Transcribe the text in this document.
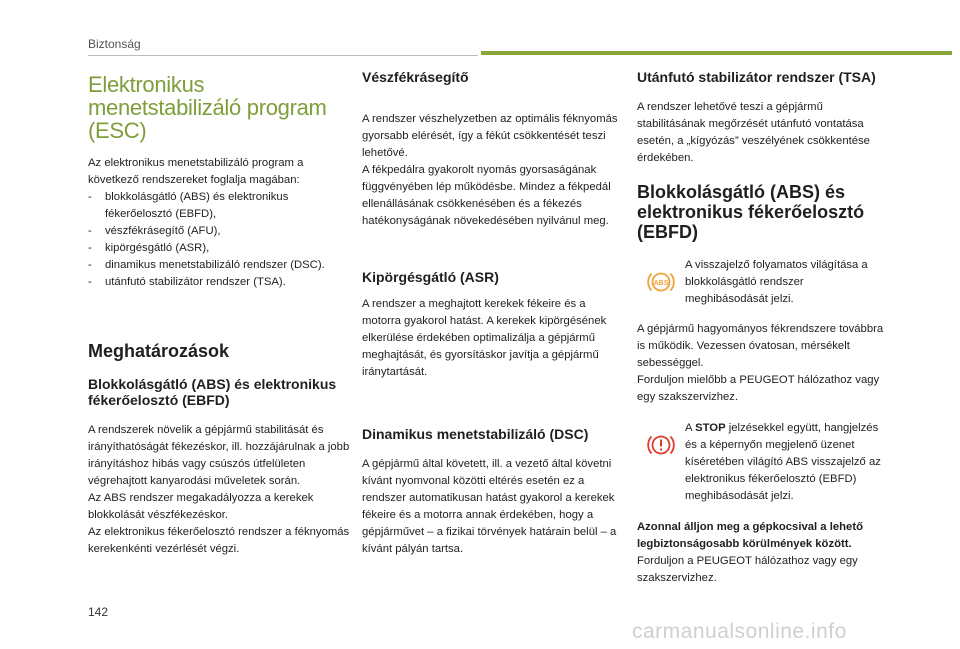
Biztonság
Elektronikus menetstabilizáló program (ESC)

Az elektronikus menetstabilizáló program a következő rendszereket foglalja magában:

- blokkolásgátló (ABS) és elektronikus fékerőelosztó (EBFD),
- vészfékrásegítő (AFU),
- kipörgésgátló (ASR),
- dinamikus menetstabilizáló rendszer (DSC).
- utánfutó stabilizátor rendszer (TSA).
Meghatározások
Blokkolásgátló (ABS) és elektronikus fékerőelosztó (EBFD)

A rendszerek növelik a gépjármű stabilitását és irányíthatóságát fékezéskor, ill. hozzájárulnak a jobb irányításhoz hibás vagy csúszós útfelületen végrehajtott kanyarodási műveletek során.

Az ABS rendszer megakadályozza a kerekek blokkolását vészfékezéskor.

Az elektronikus fékerőelosztó rendszer a féknyomás kerekenkénti vezérlését végzi.

Vészfékrásegítő

A rendszer vészhelyzetben az optimális féknyomás gyorsabb elérését, így a fékút csökkentését teszi lehetővé.

A fékpedálra gyakorolt nyomás gyorsaságának függvényében lép működésbe. Mindez a fékpedál ellenállásának csökkenésében és a fékezés hatékonyságának növekedésében nyilvánul meg.

Kipörgésgátló (ASR)

A rendszer a meghajtott kerekek fékeire és a motorra gyakorol hatást. A kerekek kipörgésének elkerülése érdekében optimalizálja a gépjármű meghajtását, és gyorsításkor javítja a gépjármű iránytartását.

Dinamikus menetstabilizáló (DSC)

A gépjármű által követett, ill. a vezető által követni kívánt nyomvonal közötti eltérés esetén ez a rendszer automatikusan hatást gyakorol a kerekek fékeire és a motorra annak érdekében, hogy a gépjárművet – a fizikai törvények határain belül – a kívánt pályán tartsa.

Utánfutó stabilizátor rendszer (TSA)

A rendszer lehetővé teszi a gépjármű stabilitásának megőrzését utánfutó vontatása esetén, a „kígyózás” veszélyének csökkentése érdekében.

Blokkolásgátló (ABS) és elektronikus fékerőelosztó (EBFD)
ABS

A visszajelző folyamatos világítása a blokkolásgátló rendszer meghibásodását jelzi.

A gépjármű hagyományos fékrendszere továbbra is működik. Vezessen óvatosan, mérsékelt sebességgel.

Forduljon mielőbb a PEUGEOT hálózathoz vagy egy szakszervizhez.

A STOP jelzésekkel együtt, hangjelzés és a képernyőn megjelenő üzenet kíséretében világító ABS visszajelző az elektronikus fékerőelosztó (EBFD) meghibásodását jelzi.

Azonnal álljon meg a gépkocsival a lehető legbiztonságosabb körülmények között.

Forduljon a PEUGEOT hálózathoz vagy egy szakszervizhez.

142
carmanualsonline.info
